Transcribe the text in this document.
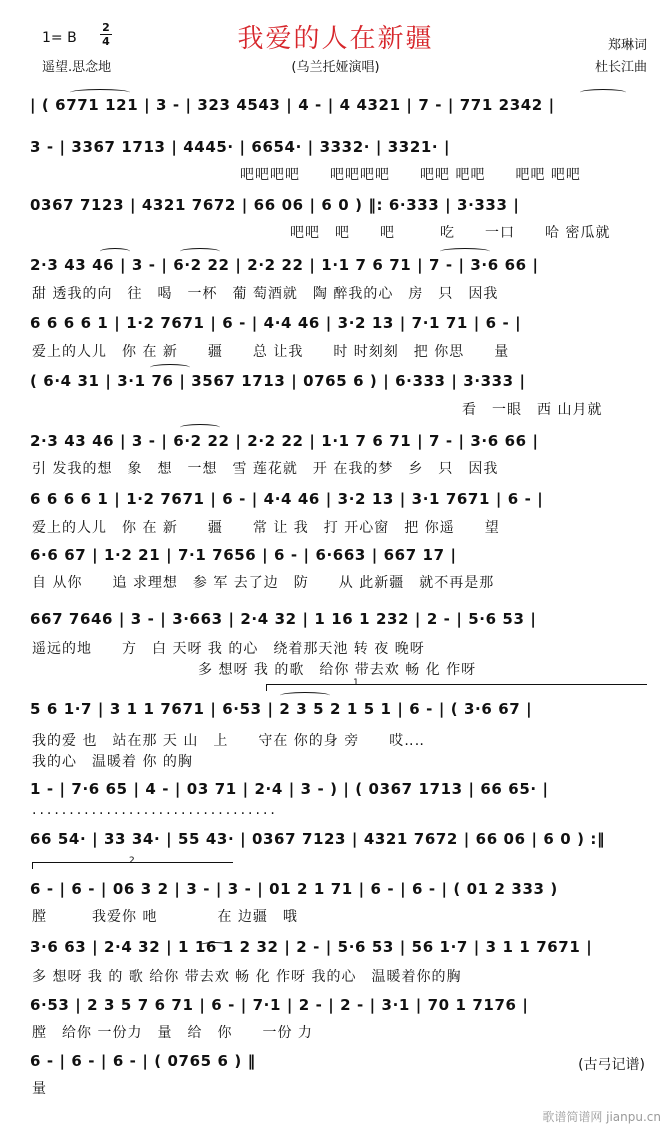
我爱的人在新疆
1= B
2
4
遥望.思念地	(乌兰托娅演唱)
郑琳词
杜长江曲
| ( 6771 121 | 3 - | 323 4543 | 4 - | 4 4321 | 7 - | 771 2342 |
3 - | 3367 1713 | 4445· | 6654· | 3332· | 3321· |
吧吧吧吧　　吧吧吧吧　　吧吧 吧吧　　吧吧 吧吧
0367 7123 | 4321 7672 | 66 06 | 6 0 ) ‖: 6·333 | 3·333 |
吧吧　吧　　吧　　　吃　　一口　　哈 密瓜就
2·3 43 46 | 3 - | 6·2 22 | 2·2 22 | 1·1 7 6 71 | 7 - | 3·6 66 |
甜 透我的向　往　喝　一杯　葡 萄酒就　陶 醉我的心　房　只　因我
6 6 6 6 1 | 1·2 7671 | 6 - | 4·4 46 | 3·2 13 | 7·1 71 | 6 - |
爱上的人儿　你 在 新　　疆　　总 让我　　时 时刻刻　把 你思　　量
( 6·4 31 | 3·1 76 | 3567 1713 | 0765 6 ) | 6·333 | 3·333 |
看　一眼　西 山月就
2·3 43 46 | 3 - | 6·2 22 | 2·2 22 | 1·1 7 6 71 | 7 - | 3·6 66 |
引 发我的想　象　想　一想　雪 莲花就　开 在我的梦　乡　只　因我
6 6 6 6 1 | 1·2 7671 | 6 - | 4·4 46 | 3·2 13 | 3·1 7671 | 6 - |
爱上的人儿　你 在 新　　疆　　常 让 我　打 开心窗　把 你遥　　望
6·6 67 | 1·2 21 | 7·1 7656 | 6 - | 6·663 | 667 17 |
自 从你　　追 求理想　参 军 去了边　防　　从 此新疆　就不再是那
667 7646 | 3 - | 3·663 | 2·4 32 | 1 16 1 232 | 2 - | 5·6 53 |
遥远的地　　方　白 天呀 我 的心　绕着那天池 转 夜 晚呀
多 想呀 我 的歌　给你 带去欢 畅 化 作呀
1
5 6 1·7 | 3 1 1 7671 | 6·53 | 2 3 5 2 1 5 1 | 6 - | ( 3·6 67 |
我的爱 也　站在那 天 山　上　　守在 你的身 旁　　哎‥‥
我的心　温暖着 你 的胸
1 - | 7·6 65 | 4 - | 03 71 | 2·4 | 3 - ) | ( 0367 1713 | 66 65· |
·································
66 54· | 33 34· | 55 43· | 0367 7123 | 4321 7672 | 66 06 | 6 0 ) :‖
2
6 - | 6 - | 06 3 2 | 3 - | 3 - | 01 2 1 71 | 6 - | 6 - | ( 01 2 333 )
膛　　　我爱你 吔　　　　在 边疆　哦
3·6 63 | 2·4 32 | 1 16 1 2 32 | 2 - | 5·6 53 | 56 1·7 | 3 1 1 7671 |
多 想呀 我 的 歌 给你 带去欢 畅 化 作呀 我的心　温暖着你的胸
6·53 | 2 3 5 7 6 71 | 6 - | 7·1 | 2 - | 2 - | 3·1 | 70 1 7176 |
膛　给你 一份力　量　给　你　　一份 力
6 - | 6 - | 6 - | ( 0765 6 ) ‖
量
(古弓记谱)
歌谱简谱网 jianpu.cn
